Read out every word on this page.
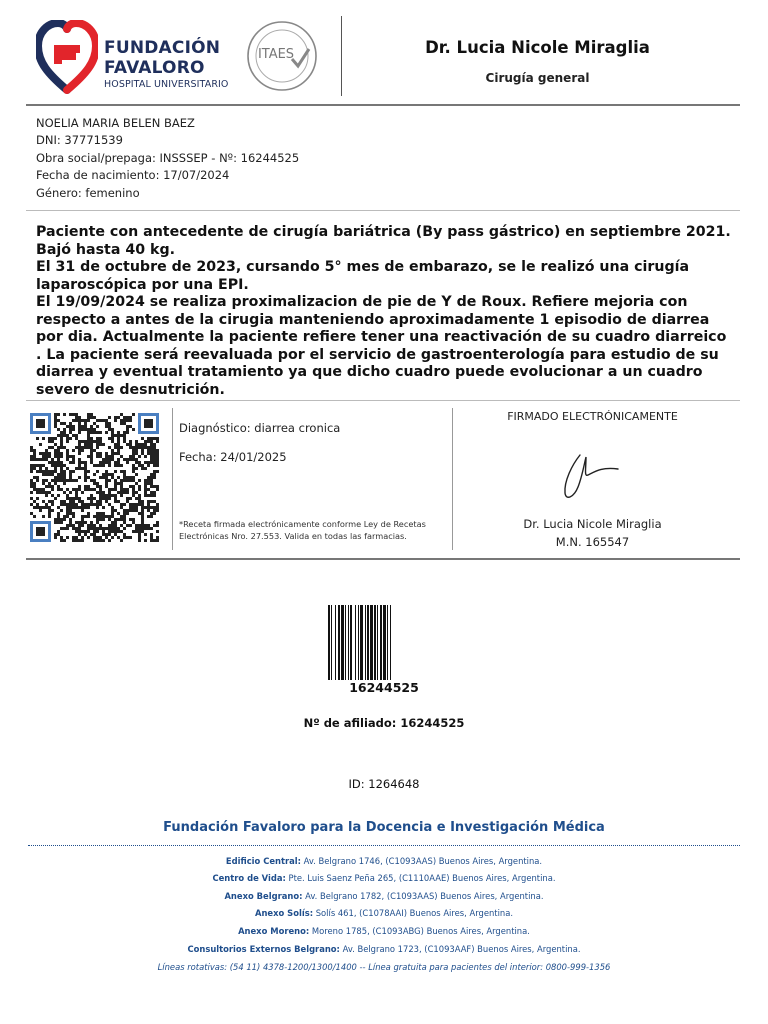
FUNDACIÓN
FAVALORO
HOSPITAL UNIVERSITARIO
ITAES	Dr. Lucia Nicole Miraglia
Cirugía general
NOELIA MARIA BELEN BAEZ
DNI: 37771539
Obra social/prepaga: INSSSEP - Nº: 16244525
Fecha de nacimiento: 17/07/2024
Género: femenino

Paciente con antecedente de cirugía bariátrica (By pass gástrico) en septiembre 2021. Bajó hasta 40 kg.

El 31 de octubre de 2023, cursando 5° mes de embarazo, se le realizó una cirugía laparoscópica por una EPI.

El 19/09/2024 se realiza proximalizacion de pie de Y de Roux. Refiere mejoria con respecto a antes de la cirugia manteniendo aproximadamente 1 episodio de diarrea por dia. Actualmente la paciente refiere tener una reactivación de su cuadro diarreico . La paciente será reevaluada por el servicio de gastroenterología para estudio de su diarrea y eventual tratamiento ya que dicho cuadro puede evolucionar a un cuadro severo de desnutrición.

Diagnóstico: diarrea cronica
Fecha: 24/01/2025
*Receta firmada electrónicamente conforme Ley de Recetas Electrónicas Nro. 27.553. Valida en todas las farmacias.
FIRMADO ELECTRÓNICAMENTE
Dr. Lucia Nicole Miraglia
M.N. 165547
16244525
Nº de afiliado: 16244525
ID: 1264648
Fundación Favaloro para la Docencia e Investigación Médica
Edificio Central: Av. Belgrano 1746, (C1093AAS) Buenos Aires, Argentina.
Centro de Vida: Pte. Luis Saenz Peña 265, (C1110AAE) Buenos Aires, Argentina.
Anexo Belgrano: Av. Belgrano 1782, (C1093AAS) Buenos Aires, Argentina.
Anexo Solís: Solís 461, (C1078AAI) Buenos Aires, Argentina.
Anexo Moreno: Moreno 1785, (C1093ABG) Buenos Aires, Argentina.
Consultorios Externos Belgrano: Av. Belgrano 1723, (C1093AAF) Buenos Aires, Argentina.
Líneas rotativas: (54 11) 4378-1200/1300/1400 -- Línea gratuita para pacientes del interior: 0800-999-1356
